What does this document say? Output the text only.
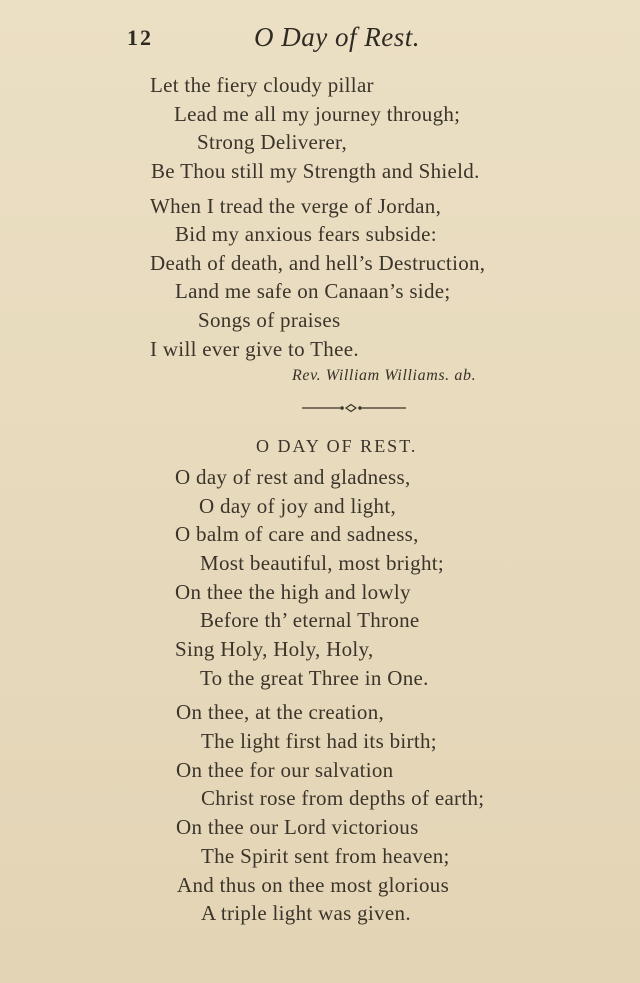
12	O Day of Rest.
Let the fiery cloudy pillar
Lead me all my journey through;
Strong Deliverer,
Be Thou still my Strength and Shield.
When I tread the verge of Jordan,
Bid my anxious fears subside:
Death of death, and hell’s Destruction,
Land me safe on Canaan’s side;
Songs of praises
I will ever give to Thee.
Rev. William Williams. ab.
O DAY OF REST.
O day of rest and gladness,
O day of joy and light,
O balm of care and sadness,
Most beautiful, most bright;
On thee the high and lowly
Before th’ eternal Throne
Sing Holy, Holy, Holy,
To the great Three in One.
On thee, at the creation,
The light first had its birth;
On thee for our salvation
Christ rose from depths of earth;
On thee our Lord victorious
The Spirit sent from heaven;
And thus on thee most glorious
A triple light was given.
